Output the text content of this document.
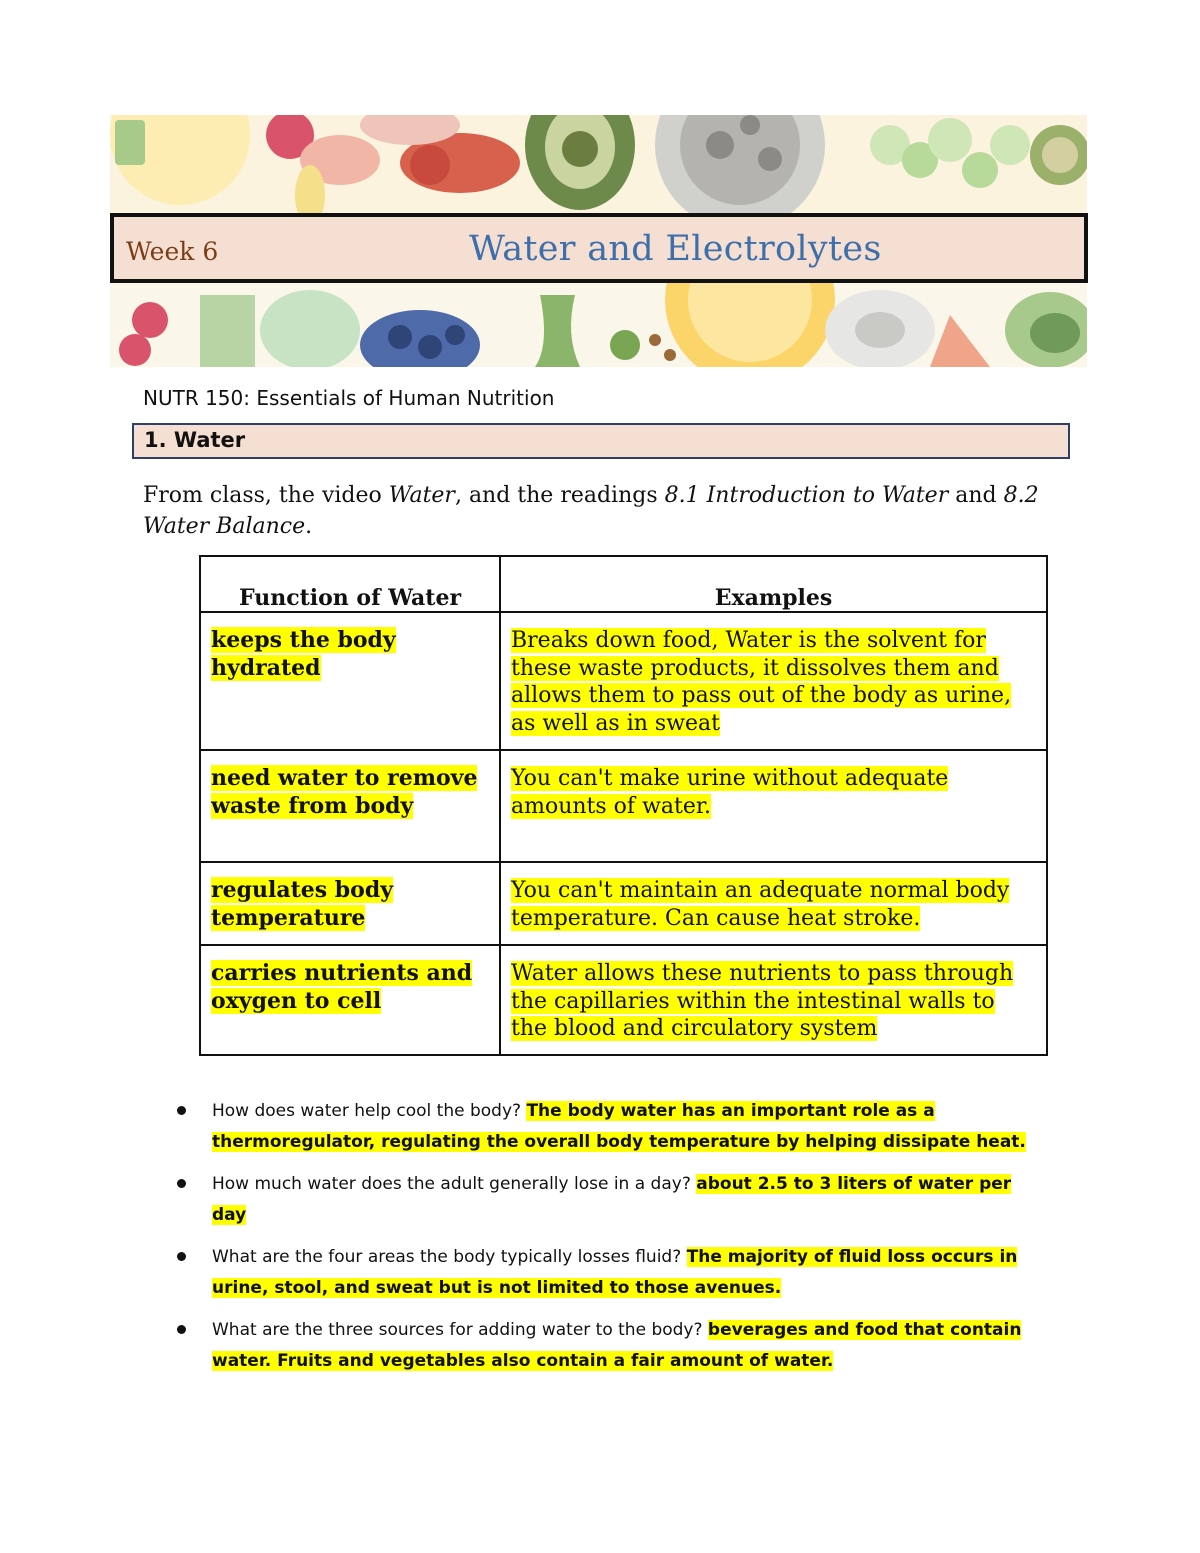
Week 6	Water and Electrolytes
NUTR 150: Essentials of Human Nutrition
1. Water
From class, the video Water, and the readings 8.1 Introduction to Water and 8.2 Water Balance.
Function of Water	Examples
keeps the body hydrated	Breaks down food, Water is the solvent for these waste products, it dissolves them and allows them to pass out of the body as urine, as well as in sweat
need water to remove waste from body	You can't make urine without adequate amounts of water.
regulates body temperature	You can't maintain an adequate normal body temperature. Can cause heat stroke.
carries nutrients and oxygen to cell	Water allows these nutrients to pass through the capillaries within the intestinal walls to the blood and circulatory system
How does water help cool the body? The body water has an important role as a thermoregulator, regulating the overall body temperature by helping dissipate heat.
How much water does the adult generally lose in a day? about 2.5 to 3 liters of water per day
What are the four areas the body typically losses fluid? The majority of fluid loss occurs in urine, stool, and sweat but is not limited to those avenues.
What are the three sources for adding water to the body? beverages and food that contain water. Fruits and vegetables also contain a fair amount of water.
